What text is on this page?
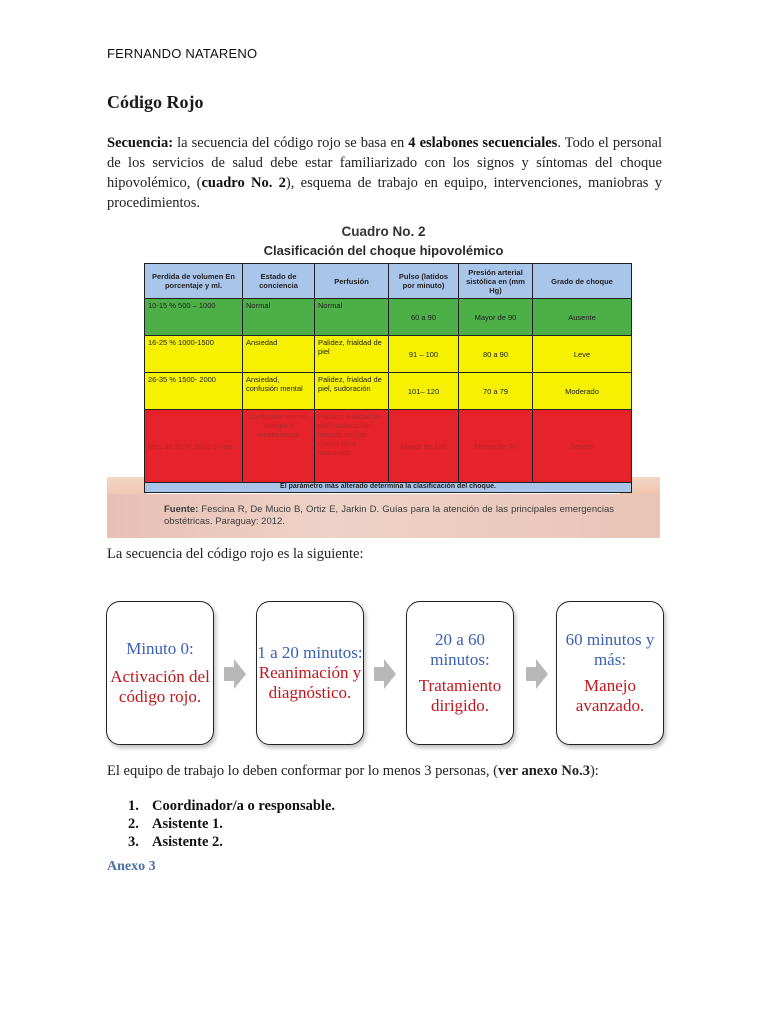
FERNANDO NATARENO
Código Rojo
Secuencia: la secuencia del código rojo se basa en 4 eslabones secuenciales. Todo el personal de los servicios de salud debe estar familiarizado con los signos y síntomas del choque hipovolémico, (cuadro No. 2), esquema de trabajo en equipo, intervenciones, maniobras y procedimientos.
Cuadro No. 2
Clasificación del choque hipovolémico
Perdida de volumen En porcentaje y ml.	Estado de conciencia	Perfusión	Pulso (latidos por minuto)	Presión arterial sistólica en (mm Hg)	Grado de choque
10-15 % 500 – 1000	Normal	Normal	60 a 90	Mayor de 90	Ausente
16-25 % 1000-1500	Ansiedad	Palidez, frialdad de piel	91 – 100	80 a 90	Leve
26-35 % 1500- 2000	Ansiedad, confusión mental	Palidez, frialdad de piel, sudoración	101– 120	70 a 79	Moderado
Mas de 35 % 2000 o más	Confusión mental, letargia o inconciencia	Palidez, frialdad de piel, sudoración, llenado capilar mayor de 3 segundos	Mayor de 120	Menor de 70	Severo
El parámetro más alterado determina la clasificación del choque.					
Fuente: Fescina R, De Mucio B, Ortiz E, Jarkin D. Guías para la atención de las principales emergencias obstétricas. Paraguay: 2012.
La secuencia del código rojo es la siguiente:
Minuto 0:
Activación del código rojo.
1 a 20 minutos:
Reanimación y diagnóstico.
20 a 60 minutos:
Tratamiento dirigido.
60 minutos y más:
Manejo avanzado.
El equipo de trabajo lo deben conformar por lo menos 3 personas, (ver anexo No.3):
1. Coordinador/a o responsable.
2. Asistente 1.
3. Asistente 2.
Anexo 3
